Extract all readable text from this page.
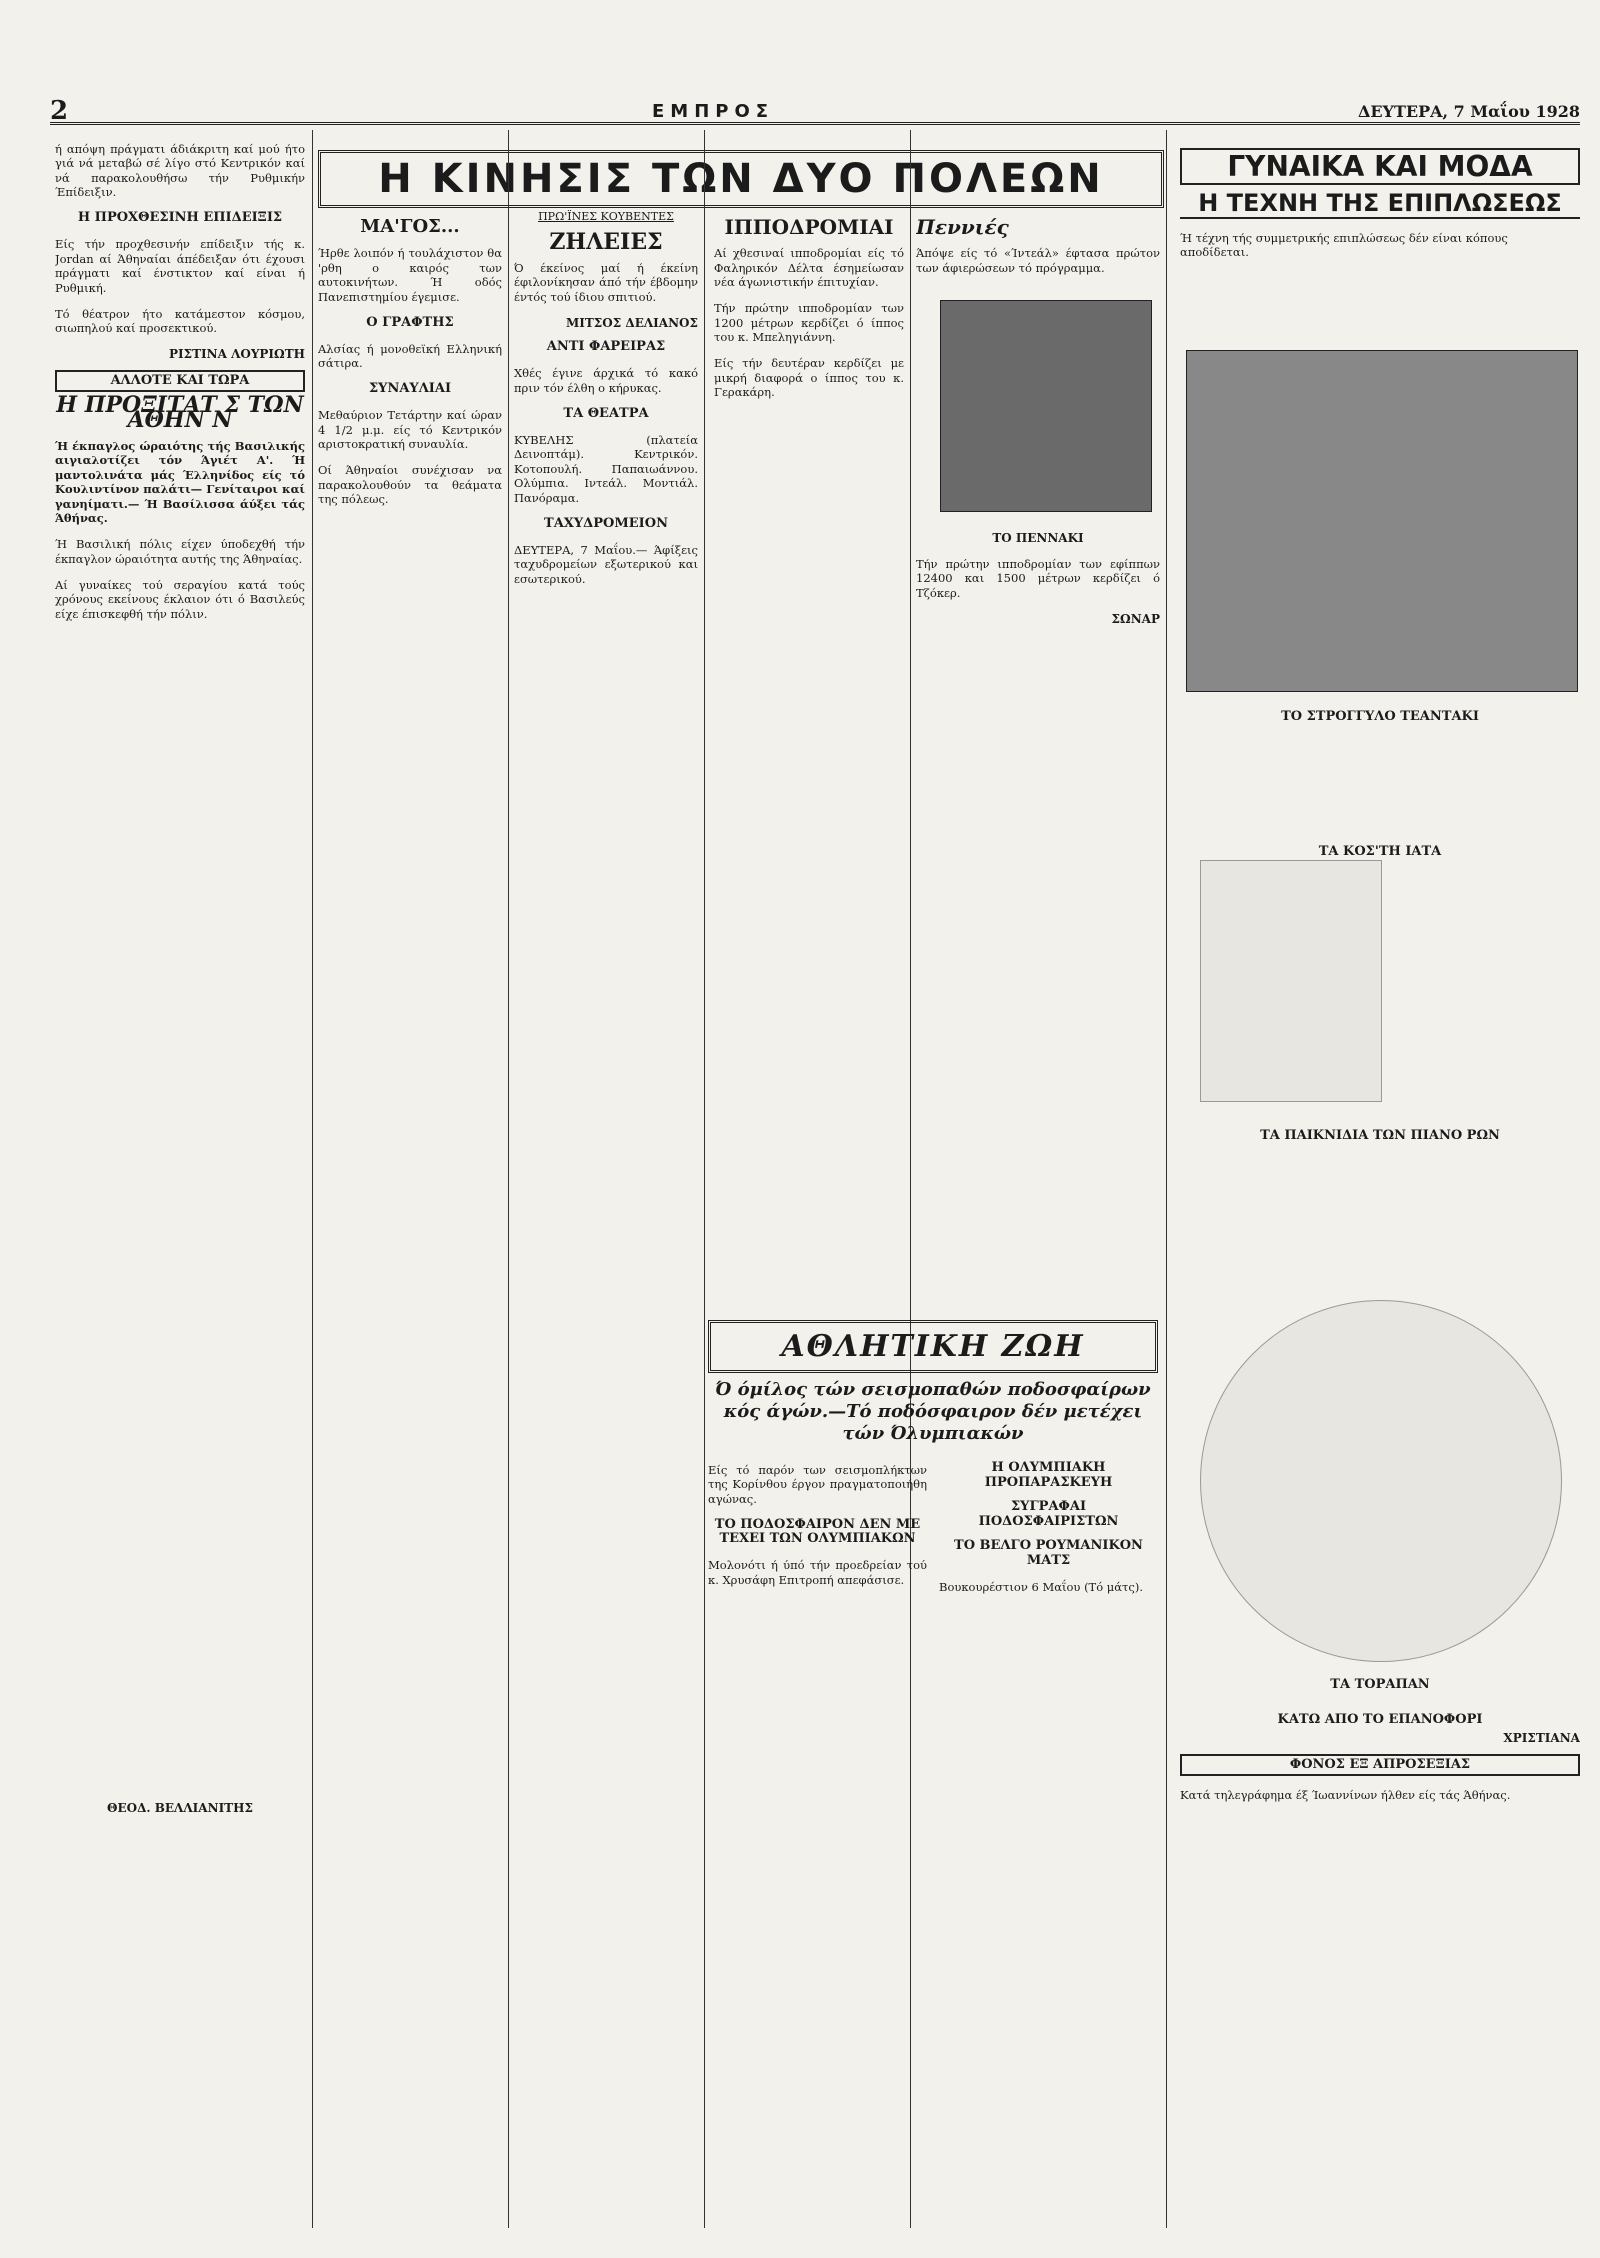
2	ΕΜΠΡΟΣ	ΔΕΥΤΕΡΑ, 7 Μαΐου 1928
Η ΚΙΝΗΣΙΣ ΤΩΝ ΔΥΟ ΠΟΛΕΩΝ

ή απόψη πράγματι άδιάκριτη καί μού ήτο γιά νά μεταβώ σέ λίγο στό Κεντρικόν καί νά παρακολουθήσω τήν Ρυθμικήν Έπίδειξιν.

Η ΠΡΟΧΘΕΣΙΝΗ ΕΠΙΔΕΙΞΙΣ

Είς τήν προχθεσινήν επίδειξιν τής κ. Jordan αί Άθηναίαι άπέδειξαν ότι έχουσι πράγματι καί ένστικτον καί είναι ή Ρυθμική.

Τό θέατρον ήτο κατάμεστον κόσμου, σιωπηλού καί προσεκτικού.

ΡΙΣΤΙΝΑ ΛΟΥΡΙΩΤΗ
ΑΛΛΟΤΕ ΚΑΙ ΤΩΡΑ
Η ΠΡΟΞΙΤΑΤ Σ ΤΩΝ ΑΘΗΝ Ν

Ή έκπαγλος ώραιότης τής Βασιλικής αιγιαλοτίζει τόν Άγιέτ Α'. Ή μαντολινάτα μάς Έλληνίδος είς τό Κουλιντίνον παλάτι— Γενίταιροι καί γανηίματι.— Ή Βασίλισσα άύξει τάς Άθήνας.

Ή Βασιλική πόλις είχεν ύποδεχθή τήν έκπαγλον ώραιότητα αυτής της Άθηναίας.

Αί γυναίκες τού σεραγίου κατά τούς χρόνους εκείνους έκλαιον ότι ό Βασιλεύς είχε έπισκεφθή τήν πόλιν.

ΘΕΟΔ. ΒΕΛΛΙΑΝΙΤΗΣ
ΜΑ'ΓΟΣ...

Ήρθε λοιπόν ή τουλάχιστον θα 'ρθη ο καιρός των αυτοκινήτων. Ή οδός Πανεπιστημίου έγεμισε.

Ο ΓΡΑΦΤΗΣ

Αλσίας ή μονοθεϊκή Ελληνική σάτιρα.

ΣΥΝΑΥΛΙΑΙ

Μεθαύριον Τετάρτην καί ώραν 4 1/2 μ.μ. είς τό Κεντρικόν αριστοκρατική συναυλία.

Οί Άθηναίοι συνέχισαν να παρακολουθούν τα θεάματα της πόλεως.

ΠΡΩ'ΪΝΕΣ ΚΟΥΒΕΝΤΕΣ
ΖΗΛΕΙΕΣ

Ό έκείνος μαί ή έκείνη έφιλονίκησαν άπό τήν έβδομην έντός τού ίδιου σπιτιού.

ΜΙΤΣΟΣ ΔΕΛΙΑΝΟΣ
ΑΝΤΙ ΦΑΡΕΙΡΑΣ

Χθές έγινε άρχικά τό κακό πριν τόν έλθη ο κήρυκας.

ΤΑ ΘΕΑΤΡΑ

ΚΥΒΕΛΗΣ (πλατεία Δεινοπτάμ). Κεντρικόν. Κοτοπουλή. Παπαιωάννου. Ολύμπια. Ιντεάλ. Μοντιάλ. Πανόραμα.

ΤΑΧΥΔΡΟΜΕΙΟΝ

ΔΕΥΤΕΡΑ, 7 Μαΐου.— Άφίξεις ταχυδρομείων εξωτερικού και εσωτερικού.

ΙΠΠΟΔΡΟΜΙΑΙ

Αί χθεσιναί ιπποδρομίαι είς τό Φαληρικόν Δέλτα έσημείωσαν νέα άγωνιστικήν έπιτυχίαν.

Τήν πρώτην ιπποδρομίαν των 1200 μέτρων κερδίζει ό ίππος του κ. Μπεληγιάννη.

Είς τήν δευτέραν κερδίζει με μικρή διαφορά ο ίππος του κ. Γερακάρη.

Πεννιές

Άπόψε είς τό «Ίντεάλ» έφτασα πρώτον των άφιερώσεων τό πρόγραμμα.

ΤΟ ΠΕΝΝΑΚΙ

Τήν πρώτην ιπποδρομίαν των εφίππων 12400 και 1500 μέτρων κερδίζει ό Τζόκερ.

ΣΩΝΑΡ
ΑΘΛΗΤΙΚΗ ΖΩΗ
Ό όμίλος τών σεισμοπαθών ποδοσφαίρων κός άγών.—Τό ποδόσφαιρον δέν μετέχει τών Όλυμπιακών

Είς τό παρόν των σεισμοπλήκτων της Κορίνθου έργον πραγματοποιήθη αγώνας.

ΤΟ ΠΟΔΟΣΦΑΙΡΟΝ ΔΕΝ ΜΕ ΤΕΧΕΙ ΤΩΝ ΟΛΥΜΠΙΑΚΩΝ

Μολονότι ή ύπό τήν προεδρείαν τού κ. Χρυσάφη Επιτροπή απεφάσισε.

Η ΟΛΥΜΠΙΑΚΗ ΠΡΟΠΑΡΑΣΚΕΥΗ
ΣΥΓΡΑΦΑΙ ΠΟΔΟΣΦΑΙΡΙΣΤΩΝ
ΤΟ ΒΕΛΓΟ ΡΟΥΜΑΝΙΚΟΝ ΜΑΤΣ

Βουκουρέστιον 6 Μαΐου (Τό μάτς).

ΓΥΝΑΙΚΑ ΚΑΙ ΜΟΔΑ
Η ΤΕΧΝΗ ΤΗΣ ΕΠΙΠΛΩΣΕΩΣ

Ή τέχνη τής συμμετρικής επιπλώσεως δέν είναι κόπους αποδίδεται.

ΤΟ ΣΤΡΟΓΓΥΛΟ ΤΕΑΝΤΑΚΙ
ΤΑ ΚΟΣ'ΤΗ ΙΑΤΑ
ΤΑ ΠΑΙΚΝΙΔΙΑ ΤΩΝ ΠΙΑΝΟ ΡΩΝ
ΤΑ ΤΟΡΑΠΑΝ
ΚΑΤΩ ΑΠΟ ΤΟ ΕΠΑΝΟΦΟΡΙ
ΧΡΙΣΤΙΑΝΑ
ΦΟΝΟΣ ΕΞ ΑΠΡΟΣΕΞΙΑΣ

Κατά τηλεγράφημα έξ Ίωαννίνων ήλθεν είς τάς Άθήνας.
